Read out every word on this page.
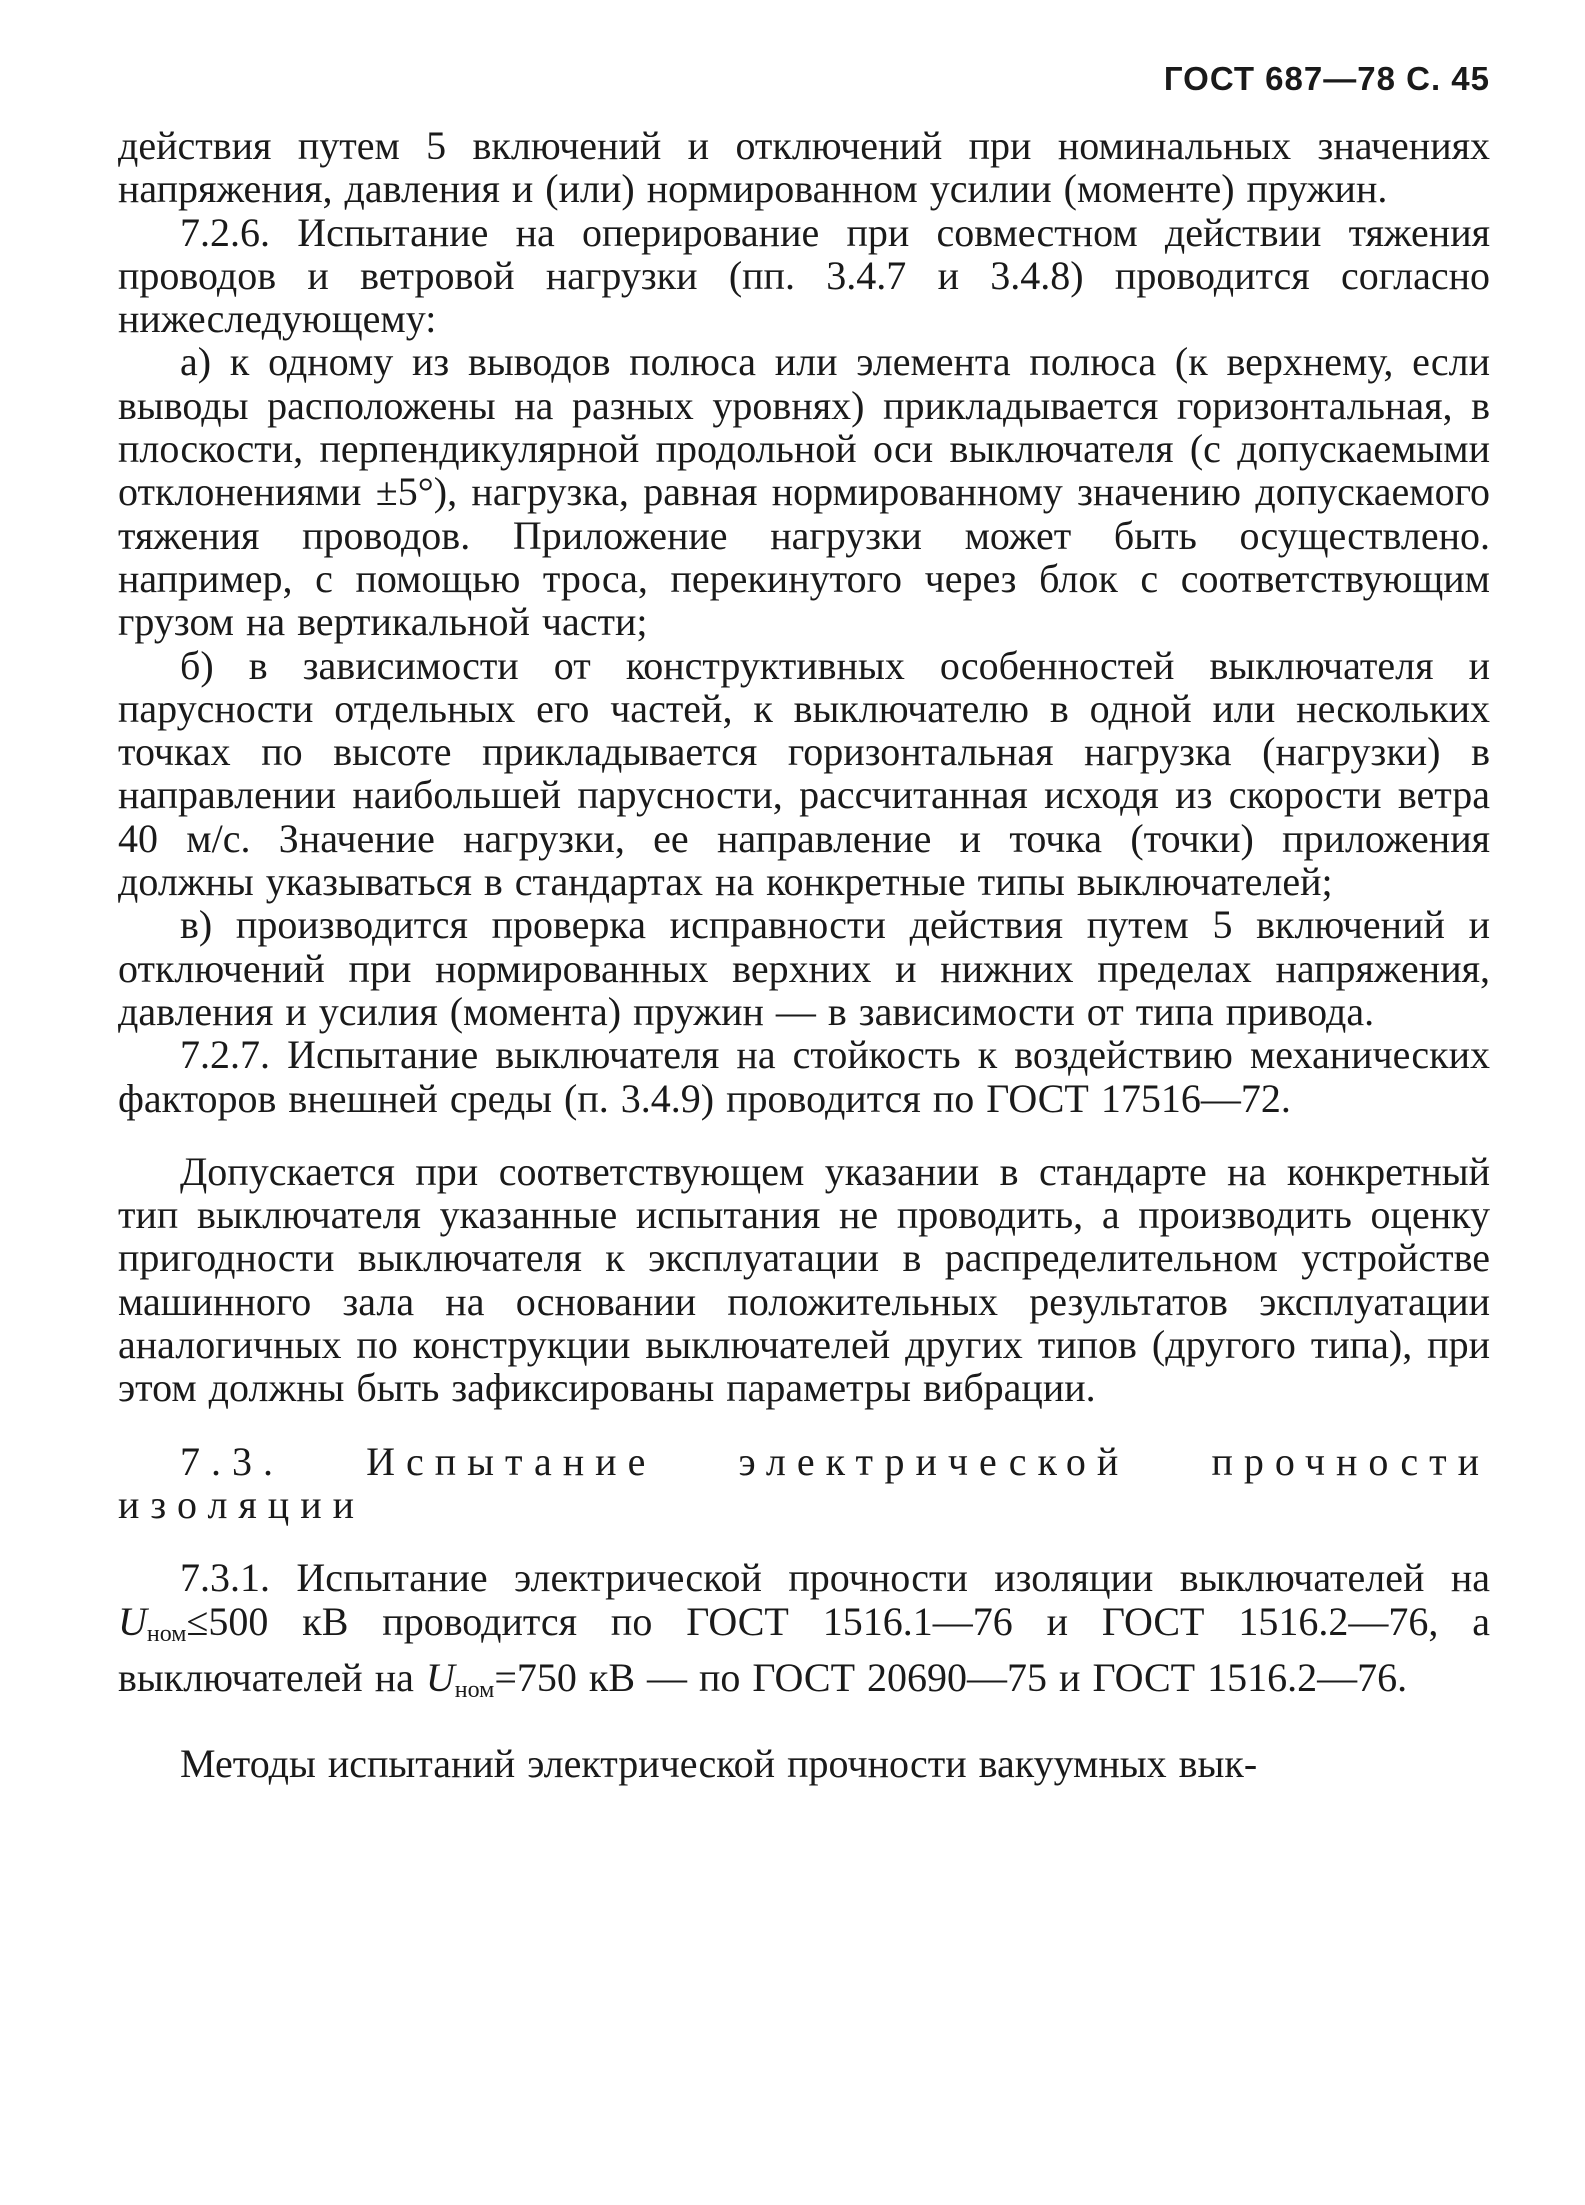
ГОСТ 687—78 С. 45

действия путем 5 включений и отключений при номинальных значениях напряжения, давления и (или) нормированном усилии (моменте) пружин.

7.2.6. Испытание на оперирование при совместном действии тяжения проводов и ветровой нагрузки (пп. 3.4.7 и 3.4.8) проводится согласно нижеследующему:

а) к одному из выводов полюса или элемента полюса (к верхнему, если выводы расположены на разных уровнях) прикладывается горизонтальная, в плоскости, перпендикулярной продольной оси выключателя (с допускаемыми отклонениями ±5°), нагрузка, равная нормированному значению допускаемого тяжения проводов. Приложение нагрузки может быть осуществлено. например, с помощью троса, перекинутого через блок с соответствующим грузом на вертикальной части;

б) в зависимости от конструктивных особенностей выключателя и парусности отдельных его частей, к выключателю в одной или нескольких точках по высоте прикладывается горизонтальная нагрузка (нагрузки) в направлении наибольшей парусности, рассчитанная исходя из скорости ветра 40 м/с. Значение нагрузки, ее направление и точка (точки) приложения должны указываться в стандартах на конкретные типы выключателей;

в) производится проверка исправности действия путем 5 включений и отключений при нормированных верхних и нижних пределах напряжения, давления и усилия (момента) пружин — в зависимости от типа привода.

7.2.7. Испытание выключателя на стойкость к воздействию механических факторов внешней среды (п. 3.4.9) проводится по ГОСТ 17516—72.

Допускается при соответствующем указании в стандарте на конкретный тип выключателя указанные испытания не проводить, а производить оценку пригодности выключателя к эксплуатации в распределительном устройстве машинного зала на основании положительных результатов эксплуатации аналогичных по конструкции выключателей других типов (другого типа), при этом должны быть зафиксированы параметры вибрации.

7.3. Испытание электрической прочности изоляции

7.3.1. Испытание электрической прочности изоляции выключателей на $U_{ном}\le 500$ кВ проводится по ГОСТ 1516.1—76 и ГОСТ 1516.2—76, а выключателей на $U_{ном}=750$ кВ — по ГОСТ 20690—75 и ГОСТ 1516.2—76.

Методы испытаний электрической прочности вакуумных вык-
